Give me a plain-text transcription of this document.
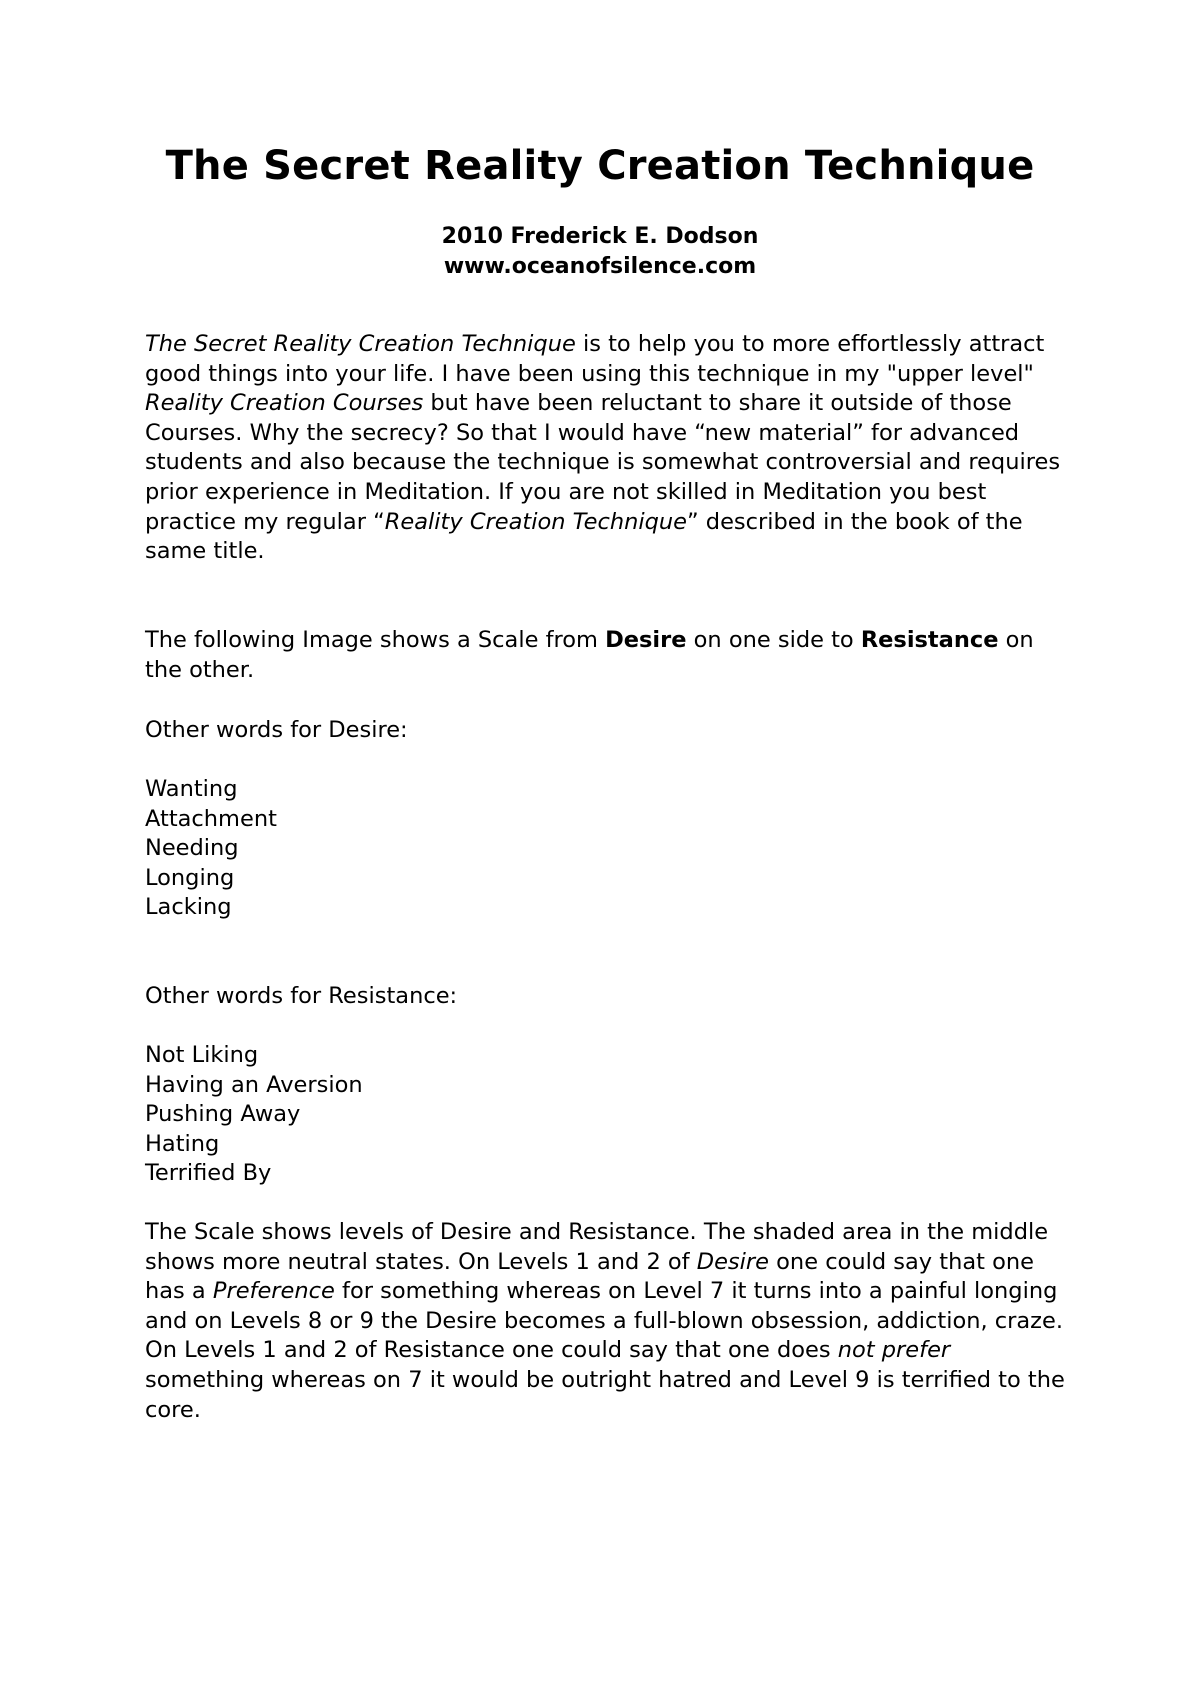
The Secret Reality Creation Technique
2010 Frederick E. Dodson
www.oceanofsilence.com

The Secret Reality Creation Technique is to help you to more effortlessly attract good things into your life. I have been using this technique in my "upper level" Reality Creation Courses but have been reluctant to share it outside of those Courses. Why the secrecy? So that I would have “new material” for advanced students and also because the technique is somewhat controversial and requires prior experience in Meditation. If you are not skilled in Meditation you best practice my regular “Reality Creation Technique” described in the book of the same title.

The following Image shows a Scale from Desire on one side to Resistance on the other.

Other words for Desire:
Wanting
Attachment
Needing
Longing
Lacking
Other words for Resistance:
Not Liking
Having an Aversion
Pushing Away
Hating
Terrified By

The Scale shows levels of Desire and Resistance. The shaded area in the middle shows more neutral states. On Levels 1 and 2 of Desire one could say that one has a Preference for something whereas on Level 7 it turns into a painful longing and on Levels 8 or 9 the Desire becomes a full-blown obsession, addiction, craze. On Levels 1 and 2 of Resistance one could say that one does not prefer something whereas on 7 it would be outright hatred and Level 9 is terrified to the core.
